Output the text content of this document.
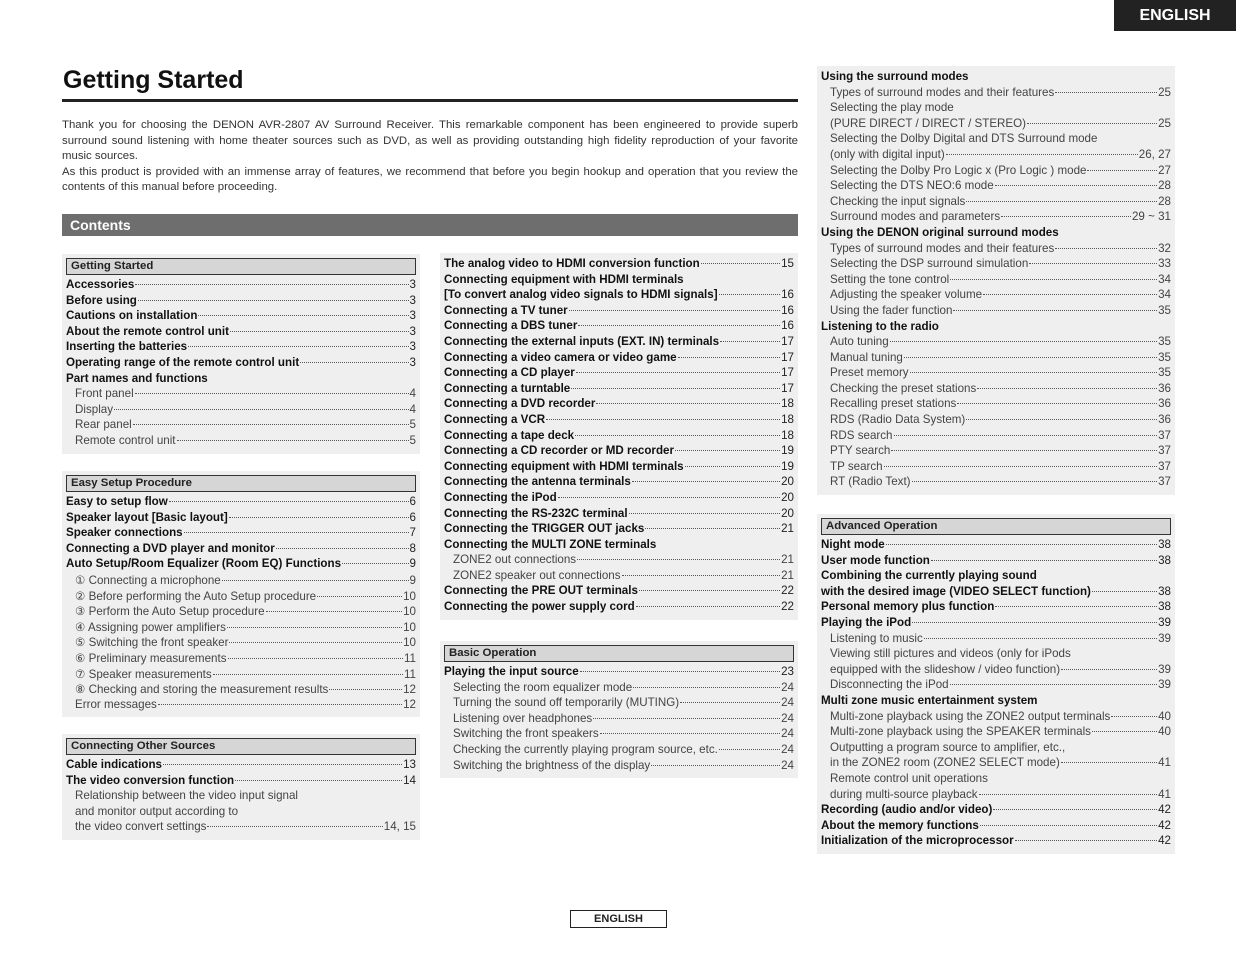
ENGLISH
Getting Started

Thank you for choosing the DENON AVR-2807 AV Surround Receiver. This remarkable component has been engineered to provide superb surround sound listening with home theater sources such as DVD, as well as providing outstanding high fidelity reproduction of your favorite music sources.

As this product is provided with an immense array of features, we recommend that before you begin hookup and operation that you review the contents of this manual before proceeding.

Contents
Getting Started
Accessories	3
Before using	3
Cautions on installation	3
About the remote control unit	3
Inserting the batteries	3
Operating range of the remote control unit	3
Part names and functions
Front panel	4
Display	4
Rear panel	5
Remote control unit	5
Easy Setup Procedure
Easy to setup flow	6
Speaker layout [Basic layout]	6
Speaker connections	7
Connecting a DVD player and monitor	8
Auto Setup/Room Equalizer (Room EQ) Functions	9
① Connecting a microphone	9
② Before performing the Auto Setup procedure	10
③ Perform the Auto Setup procedure	10
④ Assigning power amplifiers	10
⑤ Switching the front speaker	10
⑥ Preliminary measurements	11
⑦ Speaker measurements	11
⑧ Checking and storing the measurement results	12
Error messages	12
Connecting Other Sources
Cable indications	13
The video conversion function	14
Relationship between the video input signal
and monitor output according to
the video convert settings	14, 15
The analog video to HDMI conversion function	15
Connecting equipment with HDMI terminals
[To convert analog video signals to HDMI signals]	16
Connecting a TV tuner	16
Connecting a DBS tuner	16
Connecting the external inputs (EXT. IN) terminals	17
Connecting a video camera or video game	17
Connecting a CD player	17
Connecting a turntable	17
Connecting a DVD recorder	18
Connecting a VCR	18
Connecting a tape deck	18
Connecting a CD recorder or MD recorder	19
Connecting equipment with HDMI terminals	19
Connecting the antenna terminals	20
Connecting the iPod	20
Connecting the RS-232C terminal	20
Connecting the TRIGGER OUT jacks	21
Connecting the MULTI ZONE terminals
ZONE2 out connections	21
ZONE2 speaker out connections	21
Connecting the PRE OUT terminals	22
Connecting the power supply cord	22
Basic Operation
Playing the input source	23
Selecting the room equalizer mode	24
Turning the sound off temporarily (MUTING)	24
Listening over headphones	24
Switching the front speakers	24
Checking the currently playing program source, etc.	24
Switching the brightness of the display	24
Using the surround modes
Types of surround modes and their features	25
Selecting the play mode
(PURE DIRECT / DIRECT / STEREO)	25
Selecting the Dolby Digital and DTS Surround mode
(only with digital input)	26, 27
Selecting the Dolby Pro Logic x (Pro Logic ) mode	27
Selecting the DTS NEO:6 mode	28
Checking the input signals	28
Surround modes and parameters	29 ~ 31
Using the DENON original surround modes
Types of surround modes and their features	32
Selecting the DSP surround simulation	33
Setting the tone control	34
Adjusting the speaker volume	34
Using the fader function	35
Listening to the radio
Auto tuning	35
Manual tuning	35
Preset memory	35
Checking the preset stations	36
Recalling preset stations	36
RDS (Radio Data System)	36
RDS search	37
PTY search	37
TP search	37
RT (Radio Text)	37
Advanced Operation
Night mode	38
User mode function	38
Combining the currently playing sound
with the desired image (VIDEO SELECT function)	38
Personal memory plus function	38
Playing the iPod	39
Listening to music	39
Viewing still pictures and videos (only for iPods
equipped with the slideshow / video function)	39
Disconnecting the iPod	39
Multi zone music entertainment system
Multi-zone playback using the ZONE2 output terminals	40
Multi-zone playback using the SPEAKER terminals	40
Outputting a program source to amplifier, etc.,
in the ZONE2 room (ZONE2 SELECT mode)	41
Remote control unit operations
during multi-source playback	41
Recording (audio and/or video)	42
About the memory functions	42
Initialization of the microprocessor	42
ENGLISH
